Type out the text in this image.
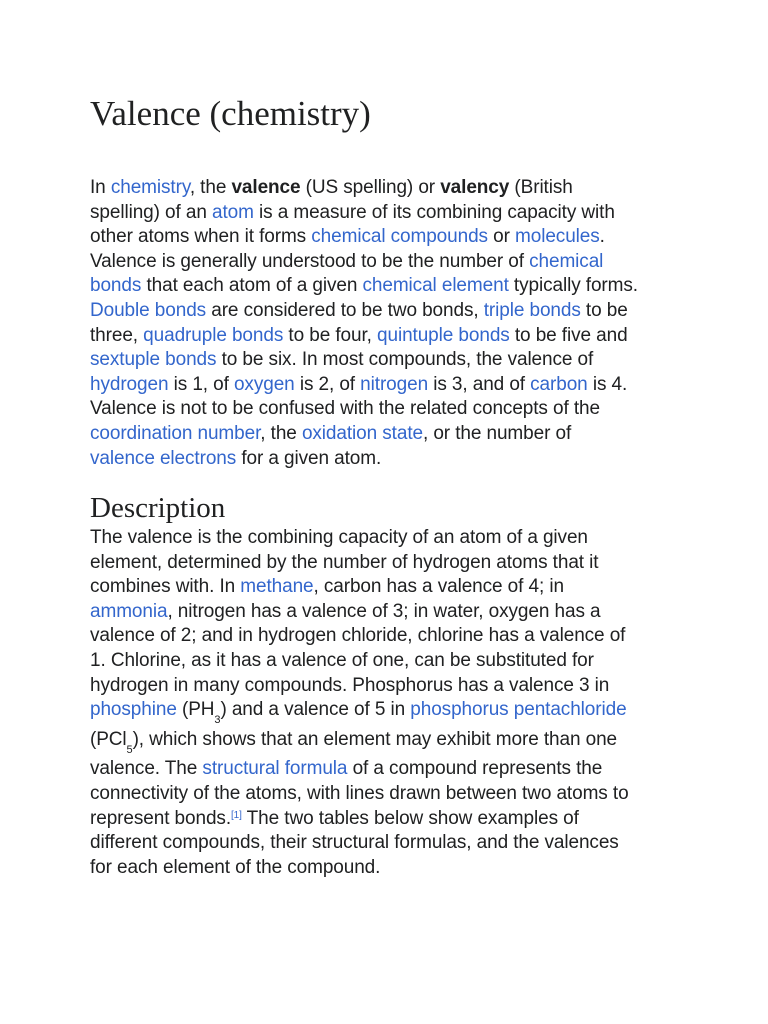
Valence (chemistry)

In chemistry, the valence (US spelling) or valency (British
spelling) of an atom is a measure of its combining capacity with
other atoms when it forms chemical compounds or molecules.
Valence is generally understood to be the number of chemical
bonds that each atom of a given chemical element typically forms.
Double bonds are considered to be two bonds, triple bonds to be
three, quadruple bonds to be four, quintuple bonds to be five and
sextuple bonds to be six. In most compounds, the valence of
hydrogen is 1, of oxygen is 2, of nitrogen is 3, and of carbon is 4.
Valence is not to be confused with the related concepts of the
coordination number, the oxidation state, or the number of
valence electrons for a given atom.

Description

The valence is the combining capacity of an atom of a given
element, determined by the number of hydrogen atoms that it
combines with. In methane, carbon has a valence of 4; in
ammonia, nitrogen has a valence of 3; in water, oxygen has a
valence of 2; and in hydrogen chloride, chlorine has a valence of
1. Chlorine, as it has a valence of one, can be substituted for
hydrogen in many compounds. Phosphorus has a valence 3 in
phosphine $(PH_3)$ and a valence of 5 in phosphorus pentachloride
(PCl$_5$), which shows that an element may exhibit more than one
valence. The structural formula of a compound represents the
connectivity of the atoms, with lines drawn between two atoms to
represent bonds.[1] The two tables below show examples of
different compounds, their structural formulas, and the valences
for each element of the compound.
